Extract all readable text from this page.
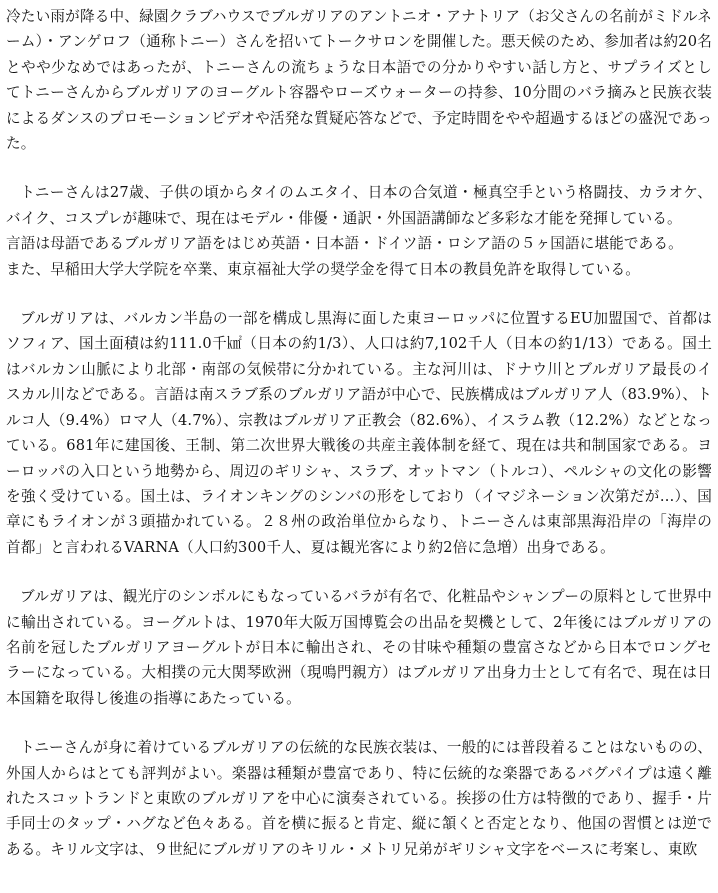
冷たい雨が降る中、緑園クラブハウスでブルガリアのアントニオ・アナトリア（お父さんの名前がミドルネーム）・アンゲロフ（通称トニー）さんを招いてトークサロンを開催した。悪天候のため、参加者は約20名とやや少なめではあったが、トニーさんの流ちょうな日本語での分かりやすい話し方と、サプライズとしてトニーさんからブルガリアのヨーグルト容器やローズウォーターの持参、10分間のバラ摘みと民族衣装によるダンスのプロモーションビデオや活発な質疑応答などで、予定時間をやや超過するほどの盛況であった。

トニーさんは27歳、子供の頃からタイのムエタイ、日本の合気道・極真空手という格闘技、カラオケ、バイク、コスプレが趣味で、現在はモデル・俳優・通訳・外国語講師など多彩な才能を発揮している。

言語は母語であるブルガリア語をはじめ英語・日本語・ドイツ語・ロシア語の５ヶ国語に堪能である。

また、早稲田大学大学院を卒業、東京福祉大学の奨学金を得て日本の教員免許を取得している。

ブルガリアは、バルカン半島の一部を構成し黒海に面した東ヨーロッパに位置するEU加盟国で、首都はソフィア、国土面積は約111.0千㎢（日本の約1/3）、人口は約7,102千人（日本の約1/13）である。国土はバルカン山脈により北部・南部の気候帯に分かれている。主な河川は、ドナウ川とブルガリア最長のイスカル川などである。言語は南スラブ系のブルガリア語が中心で、民族構成はブルガリア人（83.9%）、トルコ人（9.4%）ロマ人（4.7%）、宗教はブルガリア正教会（82.6%）、イスラム教（12.2%）などとなっている。681年に建国後、王制、第二次世界大戦後の共産主義体制を経て、現在は共和制国家である。ヨーロッパの入口という地勢から、周辺のギリシャ、スラブ、オットマン（トルコ）、ペルシャの文化の影響を強く受けている。国土は、ライオンキングのシンバの形をしており（イマジネーション次第だが…）、国章にもライオンが３頭描かれている。２８州の政治単位からなり、トニーさんは東部黒海沿岸の「海岸の首都」と言われるVARNA（人口約300千人、夏は観光客により約2倍に急増）出身である。

ブルガリアは、観光庁のシンボルにもなっているバラが有名で、化粧品やシャンプーの原料として世界中に輸出されている。ヨーグルトは、1970年大阪万国博覧会の出品を契機として、2年後にはブルガリアの名前を冠したブルガリアヨーグルトが日本に輸出され、その甘味や種類の豊富さなどから日本でロングセラーになっている。大相撲の元大関琴欧洲（現鳴門親方）はブルガリア出身力士として有名で、現在は日本国籍を取得し後進の指導にあたっている。

トニーさんが身に着けているブルガリアの伝統的な民族衣装は、一般的には普段着ることはないものの、外国人からはとても評判がよい。楽器は種類が豊富であり、特に伝統的な楽器であるバグパイプは遠く離れたスコットランドと東欧のブルガリアを中心に演奏されている。挨拶の仕方は特徴的であり、握手・片手同士のタップ・ハグなど色々ある。首を横に振ると肯定、縦に頷くと否定となり、他国の習慣とは逆である。キリル文字は、９世紀にブルガリアのキリル・メトリ兄弟がギリシャ文字をベースに考案し、東欧
